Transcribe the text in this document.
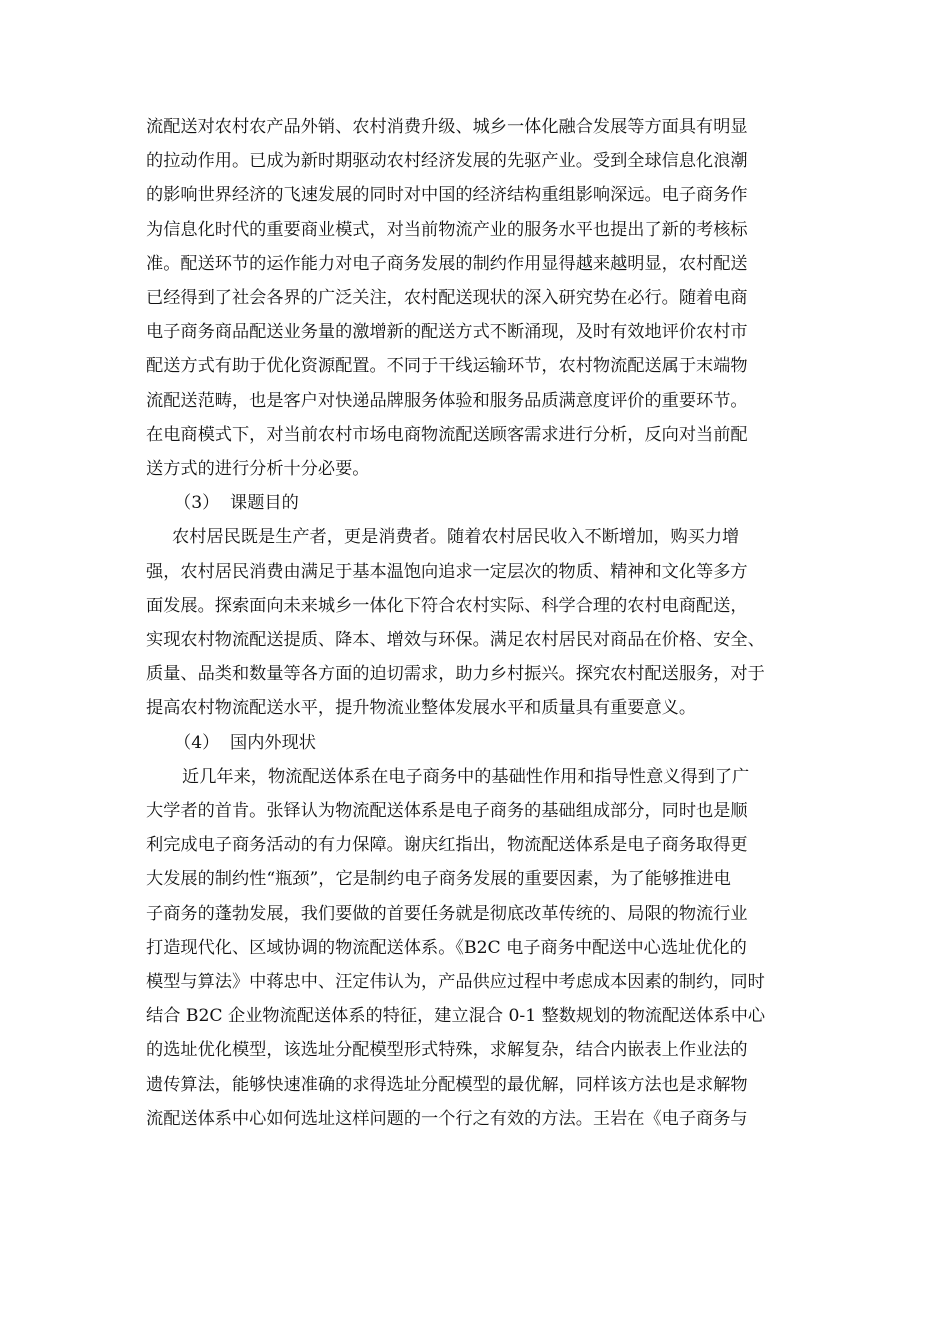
流配送对农村农产品外销、农村消费升级、城乡一体化融合发展等方面具有明显
的拉动作用。已成为新时期驱动农村经济发展的先驱产业。受到全球信息化浪潮
的影响世界经济的飞速发展的同时对中国的经济结构重组影响深远。电子商务作
为信息化时代的重要商业模式，对当前物流产业的服务水平也提出了新的考核标
准。配送环节的运作能力对电子商务发展的制约作用显得越来越明显，农村配送
已经得到了社会各界的广泛关注，农村配送现状的深入研究势在必行。随着电商
电子商务商品配送业务量的激增新的配送方式不断涌现，及时有效地评价农村市
配送方式有助于优化资源配置。不同于干线运输环节，农村物流配送属于末端物
流配送范畴，也是客户对快递品牌服务体验和服务品质满意度评价的重要环节。
在电商模式下，对当前农村市场电商物流配送顾客需求进行分析，反向对当前配
送方式的进行分析十分必要。

（3） 课题目的

农村居民既是生产者，更是消费者。随着农村居民收入不断增加，购买力增
强，农村居民消费由满足于基本温饱向追求一定层次的物质、精神和文化等多方
面发展。探索面向未来城乡一体化下符合农村实际、科学合理的农村电商配送，
实现农村物流配送提质、降本、增效与环保。满足农村居民对商品在价格、安全、
质量、品类和数量等各方面的迫切需求，助力乡村振兴。探究农村配送服务，对于
提高农村物流配送水平，提升物流业整体发展水平和质量具有重要意义。

（4） 国内外现状

近几年来，物流配送体系在电子商务中的基础性作用和指导性意义得到了广
大学者的首肯。张铎认为物流配送体系是电子商务的基础组成部分，同时也是顺
利完成电子商务活动的有力保障。谢庆红指出，物流配送体系是电子商务取得更
大发展的制约性“瓶颈”，它是制约电子商务发展的重要因素，为了能够推进电
子商务的蓬勃发展，我们要做的首要任务就是彻底改革传统的、局限的物流行业
打造现代化、区域协调的物流配送体系。《B2C 电子商务中配送中心选址优化的
模型与算法》中蒋忠中、汪定伟认为，产品供应过程中考虑成本因素的制约，同时
结合 B2C 企业物流配送体系的特征，建立混合 0-1 整数规划的物流配送体系中心
的选址优化模型，该选址分配模型形式特殊，求解复杂，结合内嵌表上作业法的
遗传算法，能够快速准确的求得选址分配模型的最优解，同样该方法也是求解物
流配送体系中心如何选址这样问题的一个行之有效的方法。王岩在《电子商务与
